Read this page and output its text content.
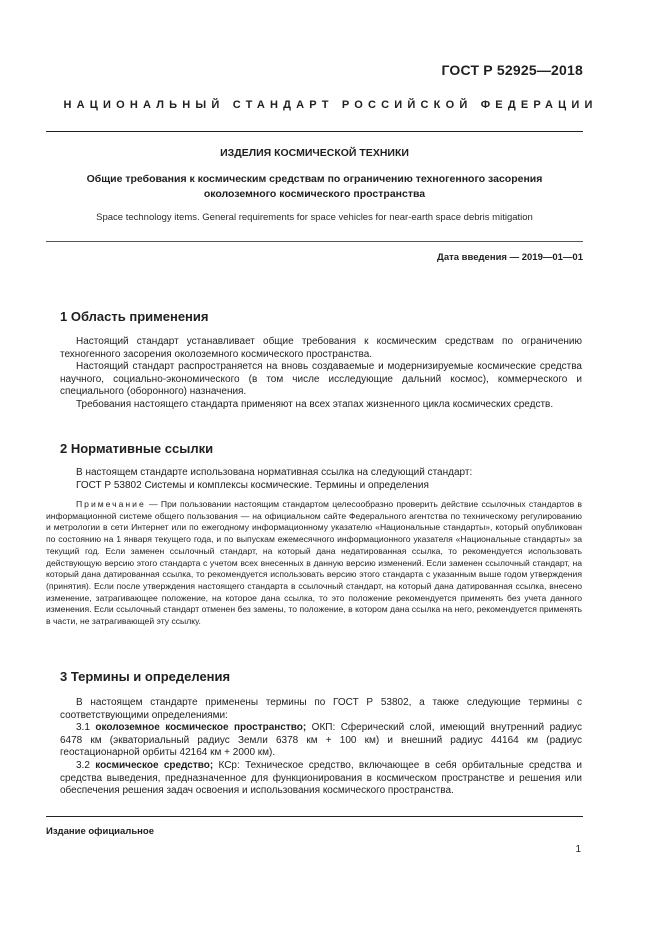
ГОСТ Р 52925—2018
НАЦИОНАЛЬНЫЙ СТАНДАРТ РОССИЙСКОЙ ФЕДЕРАЦИИ
ИЗДЕЛИЯ КОСМИЧЕСКОЙ ТЕХНИКИ
Общие требования к космическим средствам по ограничению техногенного засорения
околоземного космического пространства
Space technology items. General requirements for space vehicles for near-earth space debris mitigation
Дата введения — 2019—01—01
1 Область применения
Настоящий стандарт устанавливает общие требования к космическим средствам по ограничению техногенного засорения околоземного космического пространства.
Настоящий стандарт распространяется на вновь создаваемые и модернизируемые космические средства научного, социально-экономического (в том числе исследующие дальний космос), коммерческого и специального (оборонного) назначения.
Требования настоящего стандарта применяют на всех этапах жизненного цикла космических средств.
2 Нормативные ссылки
В настоящем стандарте использована нормативная ссылка на следующий стандарт:
ГОСТ Р 53802 Системы и комплексы космические. Термины и определения
Примечание — При пользовании настоящим стандартом целесообразно проверить действие ссылочных стандартов в информационной системе общего пользования — на официальном сайте Федерального агентства по техническому регулированию и метрологии в сети Интернет или по ежегодному информационному указателю «Национальные стандарты», который опубликован по состоянию на 1 января текущего года, и по выпускам ежемесячного информационного указателя «Национальные стандарты» за текущий год. Если заменен ссылочный стандарт, на который дана недатированная ссылка, то рекомендуется использовать действующую версию этого стандарта с учетом всех внесенных в данную версию изменений. Если заменен ссылочный стандарт, на который дана датированная ссылка, то рекомендуется использовать версию этого стандарта с указанным выше годом утверждения (принятия). Если после утверждения настоящего стандарта в ссылочный стандарт, на который дана датированная ссылка, внесено изменение, затрагивающее положение, на которое дана ссылка, то это положение рекомендуется применять без учета данного изменения. Если ссылочный стандарт отменен без замены, то положение, в котором дана ссылка на него, рекомендуется применять в части, не затрагивающей эту ссылку.
3 Термины и определения
В настоящем стандарте применены термины по ГОСТ Р 53802, а также следующие термины с соответствующими определениями:
3.1 околоземное космическое пространство; ОКП: Сферический слой, имеющий внутренний радиус 6478 км (экваториальный радиус Земли 6378 км + 100 км) и внешний радиус 44164 км (радиус геостационарной орбиты 42164 км + 2000 км).
3.2 космическое средство; КСр: Техническое средство, включающее в себя орбитальные средства и средства выведения, предназначенное для функционирования в космическом пространстве и решения или обеспечения решения задач освоения и использования космического пространства.
Издание официальное
1
